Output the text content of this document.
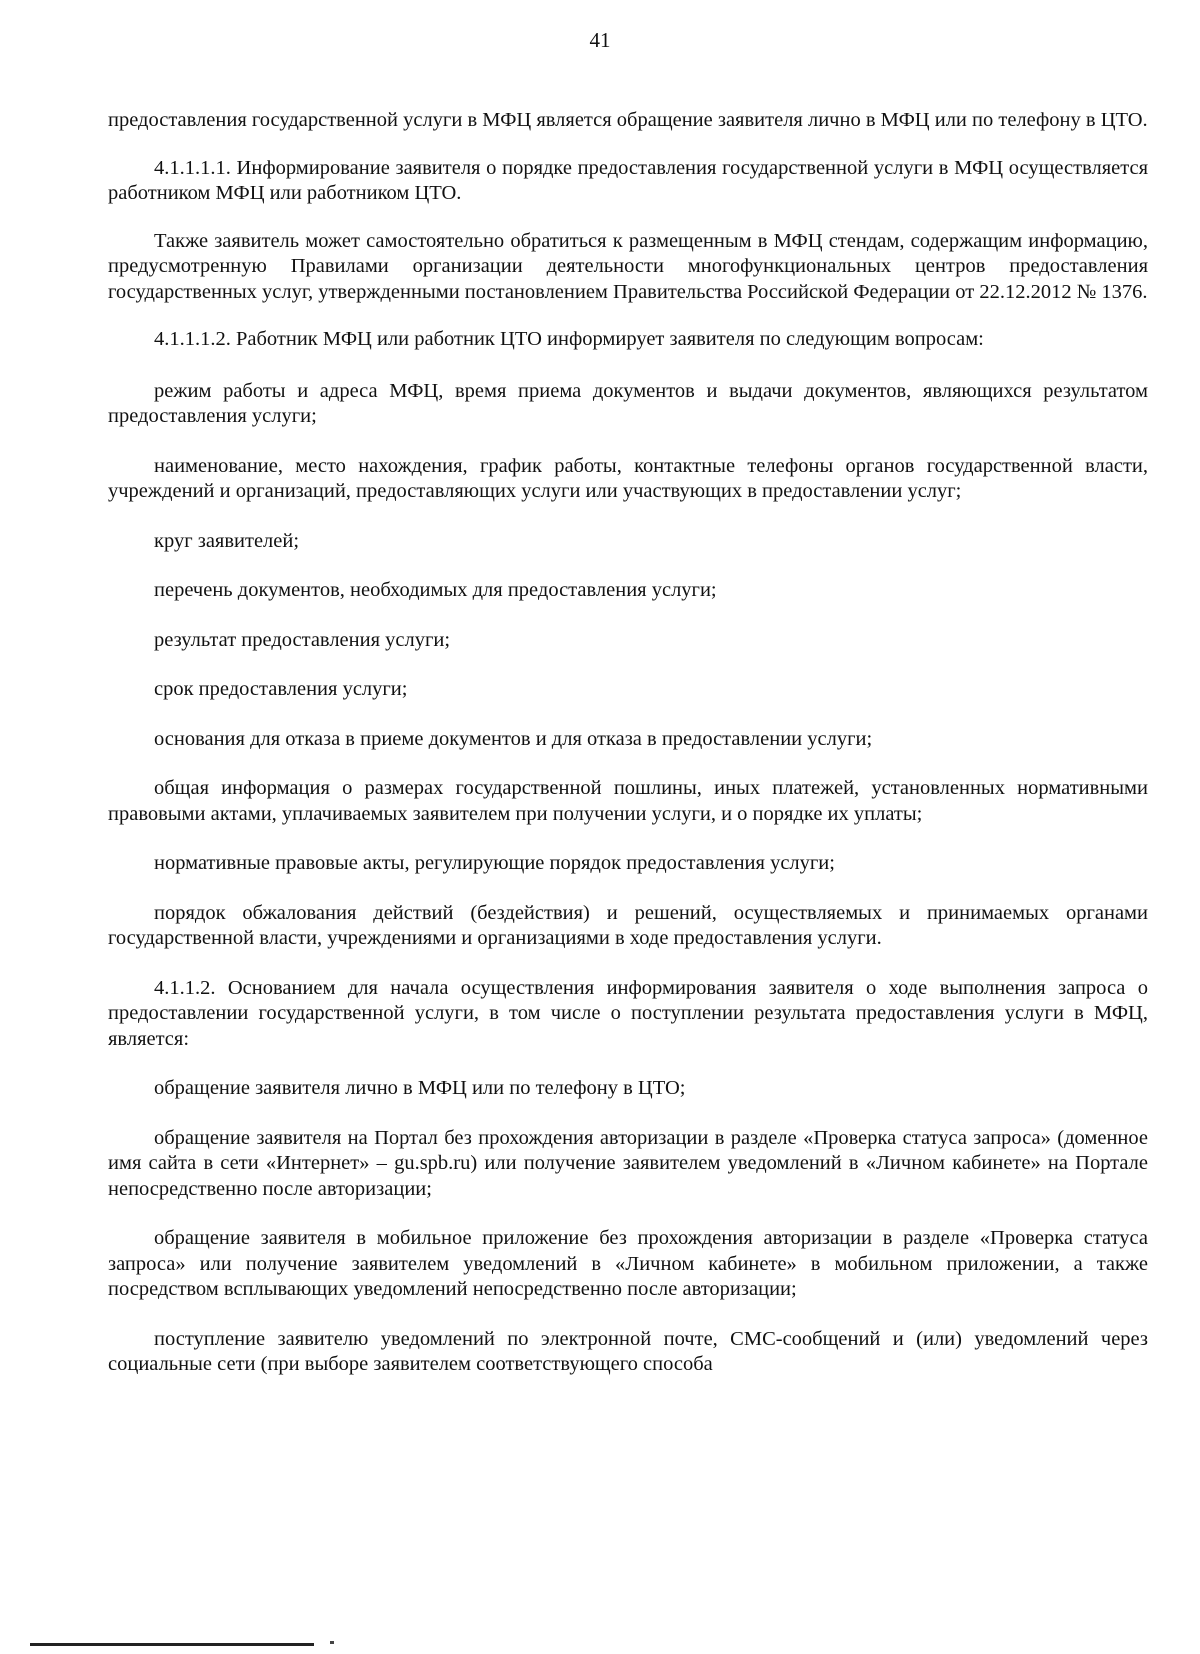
41

предоставления государственной услуги в МФЦ является обращение заявителя лично в МФЦ или по телефону в ЦТО.

4.1.1.1.1. Информирование заявителя о порядке предоставления государственной услуги в МФЦ осуществляется работником МФЦ или работником ЦТО.

Также заявитель может самостоятельно обратиться к размещенным в МФЦ стендам, содержащим информацию, предусмотренную Правилами организации деятельности многофункциональных центров предоставления государственных услуг, утвержденными постановлением Правительства Российской Федерации от 22.12.2012 № 1376.

4.1.1.1.2. Работник МФЦ или работник ЦТО информирует заявителя по следующим вопросам:

режим работы и адреса МФЦ, время приема документов и выдачи документов, являющихся результатом предоставления услуги;

наименование, место нахождения, график работы, контактные телефоны органов государственной власти, учреждений и организаций, предоставляющих услуги или участвующих в предоставлении услуг;

круг заявителей;

перечень документов, необходимых для предоставления услуги;

результат предоставления услуги;

срок предоставления услуги;

основания для отказа в приеме документов и для отказа в предоставлении услуги;

общая информация о размерах государственной пошлины, иных платежей, установленных нормативными правовыми актами, уплачиваемых заявителем при получении услуги, и о порядке их уплаты;

нормативные правовые акты, регулирующие порядок предоставления услуги;

порядок обжалования действий (бездействия) и решений, осуществляемых и принимаемых органами государственной власти, учреждениями и организациями в ходе предоставления услуги.

4.1.1.2. Основанием для начала осуществления информирования заявителя о ходе выполнения запроса о предоставлении государственной услуги, в том числе о поступлении результата предоставления услуги в МФЦ, является:

обращение заявителя лично в МФЦ или по телефону в ЦТО;

обращение заявителя на Портал без прохождения авторизации в разделе «Проверка статуса запроса» (доменное имя сайта в сети «Интернет» – gu.spb.ru) или получение заявителем уведомлений в «Личном кабинете» на Портале непосредственно после авторизации;

обращение заявителя в мобильное приложение без прохождения авторизации в разделе «Проверка статуса запроса» или получение заявителем уведомлений в «Личном кабинете» в мобильном приложении, а также посредством всплывающих уведомлений непосредственно после авторизации;

поступление заявителю уведомлений по электронной почте, СМС-сообщений и (или) уведомлений через социальные сети (при выборе заявителем соответствующего способа
